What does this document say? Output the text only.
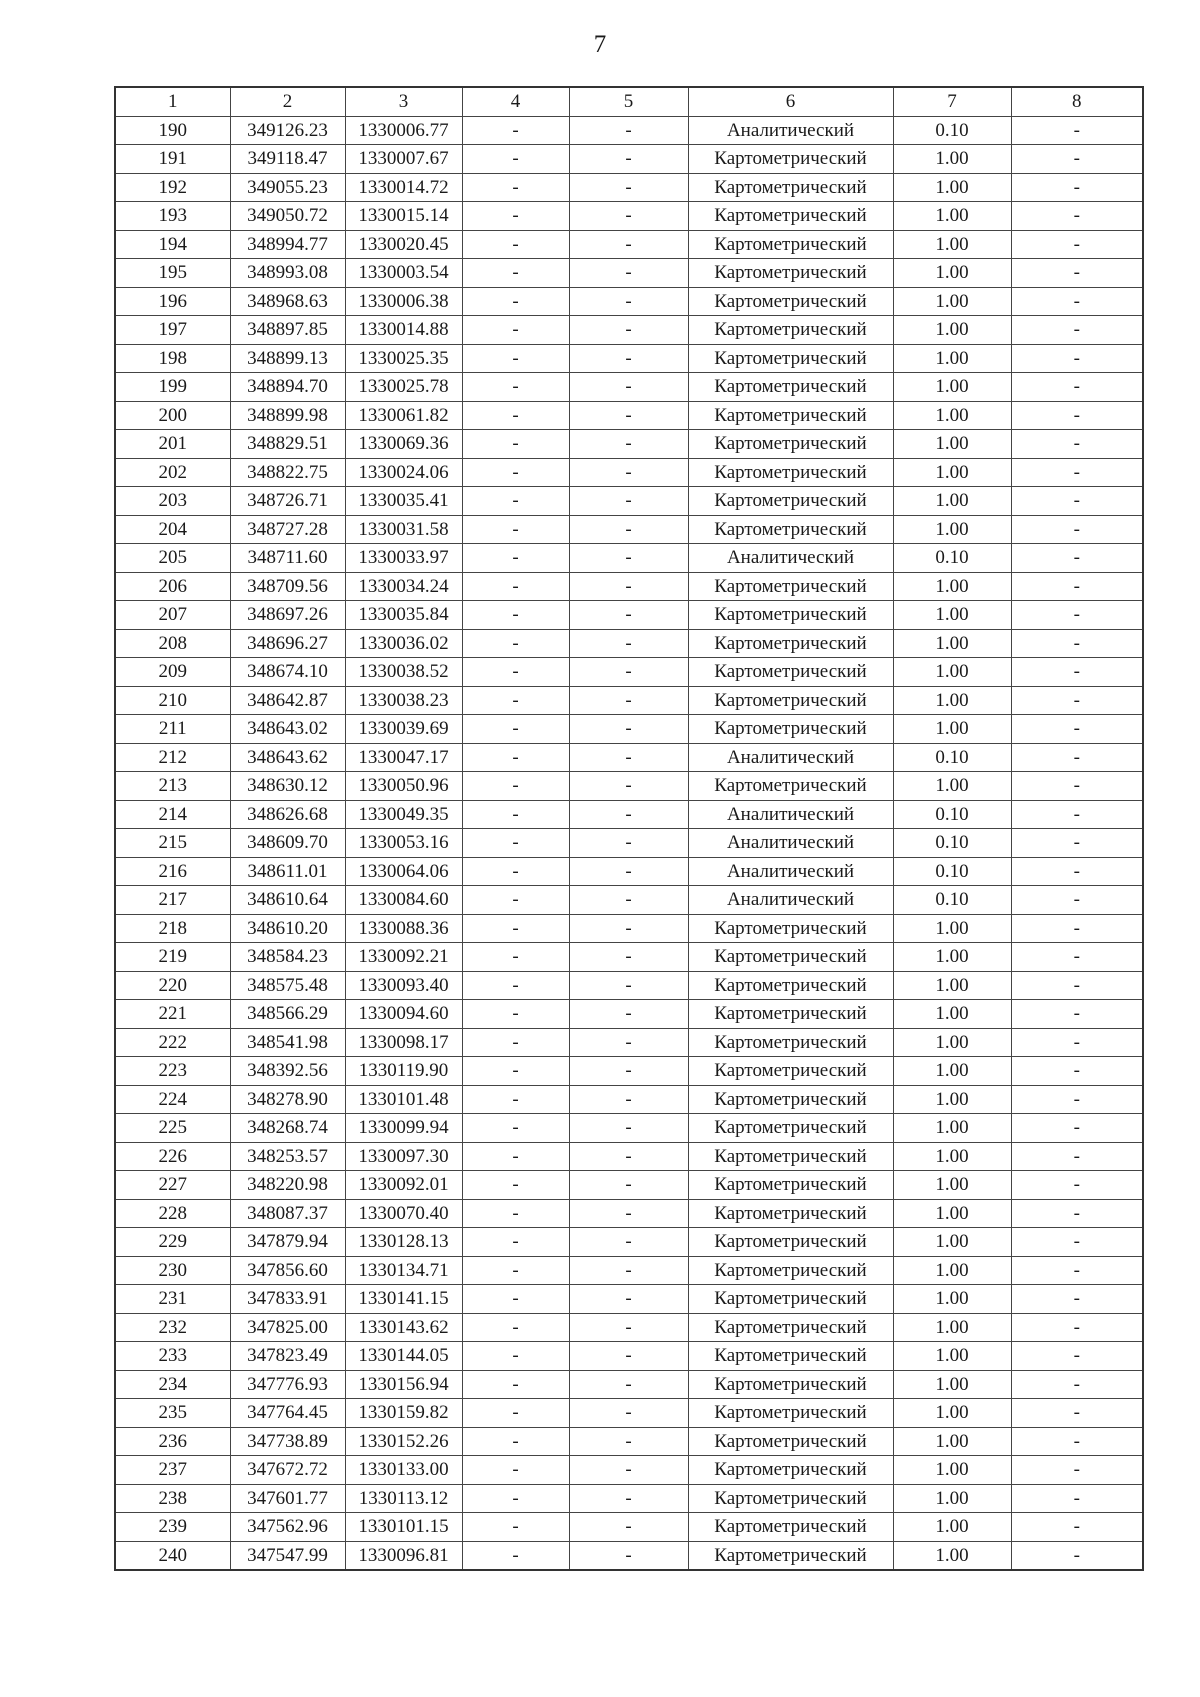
7
1	2	3	4	5	6	7	8
190	349126.23	1330006.77	-	-	Аналитический	0.10	-
191	349118.47	1330007.67	-	-	Картометрический	1.00	-
192	349055.23	1330014.72	-	-	Картометрический	1.00	-
193	349050.72	1330015.14	-	-	Картометрический	1.00	-
194	348994.77	1330020.45	-	-	Картометрический	1.00	-
195	348993.08	1330003.54	-	-	Картометрический	1.00	-
196	348968.63	1330006.38	-	-	Картометрический	1.00	-
197	348897.85	1330014.88	-	-	Картометрический	1.00	-
198	348899.13	1330025.35	-	-	Картометрический	1.00	-
199	348894.70	1330025.78	-	-	Картометрический	1.00	-
200	348899.98	1330061.82	-	-	Картометрический	1.00	-
201	348829.51	1330069.36	-	-	Картометрический	1.00	-
202	348822.75	1330024.06	-	-	Картометрический	1.00	-
203	348726.71	1330035.41	-	-	Картометрический	1.00	-
204	348727.28	1330031.58	-	-	Картометрический	1.00	-
205	348711.60	1330033.97	-	-	Аналитический	0.10	-
206	348709.56	1330034.24	-	-	Картометрический	1.00	-
207	348697.26	1330035.84	-	-	Картометрический	1.00	-
208	348696.27	1330036.02	-	-	Картометрический	1.00	-
209	348674.10	1330038.52	-	-	Картометрический	1.00	-
210	348642.87	1330038.23	-	-	Картометрический	1.00	-
211	348643.02	1330039.69	-	-	Картометрический	1.00	-
212	348643.62	1330047.17	-	-	Аналитический	0.10	-
213	348630.12	1330050.96	-	-	Картометрический	1.00	-
214	348626.68	1330049.35	-	-	Аналитический	0.10	-
215	348609.70	1330053.16	-	-	Аналитический	0.10	-
216	348611.01	1330064.06	-	-	Аналитический	0.10	-
217	348610.64	1330084.60	-	-	Аналитический	0.10	-
218	348610.20	1330088.36	-	-	Картометрический	1.00	-
219	348584.23	1330092.21	-	-	Картометрический	1.00	-
220	348575.48	1330093.40	-	-	Картометрический	1.00	-
221	348566.29	1330094.60	-	-	Картометрический	1.00	-
222	348541.98	1330098.17	-	-	Картометрический	1.00	-
223	348392.56	1330119.90	-	-	Картометрический	1.00	-
224	348278.90	1330101.48	-	-	Картометрический	1.00	-
225	348268.74	1330099.94	-	-	Картометрический	1.00	-
226	348253.57	1330097.30	-	-	Картометрический	1.00	-
227	348220.98	1330092.01	-	-	Картометрический	1.00	-
228	348087.37	1330070.40	-	-	Картометрический	1.00	-
229	347879.94	1330128.13	-	-	Картометрический	1.00	-
230	347856.60	1330134.71	-	-	Картометрический	1.00	-
231	347833.91	1330141.15	-	-	Картометрический	1.00	-
232	347825.00	1330143.62	-	-	Картометрический	1.00	-
233	347823.49	1330144.05	-	-	Картометрический	1.00	-
234	347776.93	1330156.94	-	-	Картометрический	1.00	-
235	347764.45	1330159.82	-	-	Картометрический	1.00	-
236	347738.89	1330152.26	-	-	Картометрический	1.00	-
237	347672.72	1330133.00	-	-	Картометрический	1.00	-
238	347601.77	1330113.12	-	-	Картометрический	1.00	-
239	347562.96	1330101.15	-	-	Картометрический	1.00	-
240	347547.99	1330096.81	-	-	Картометрический	1.00	-
